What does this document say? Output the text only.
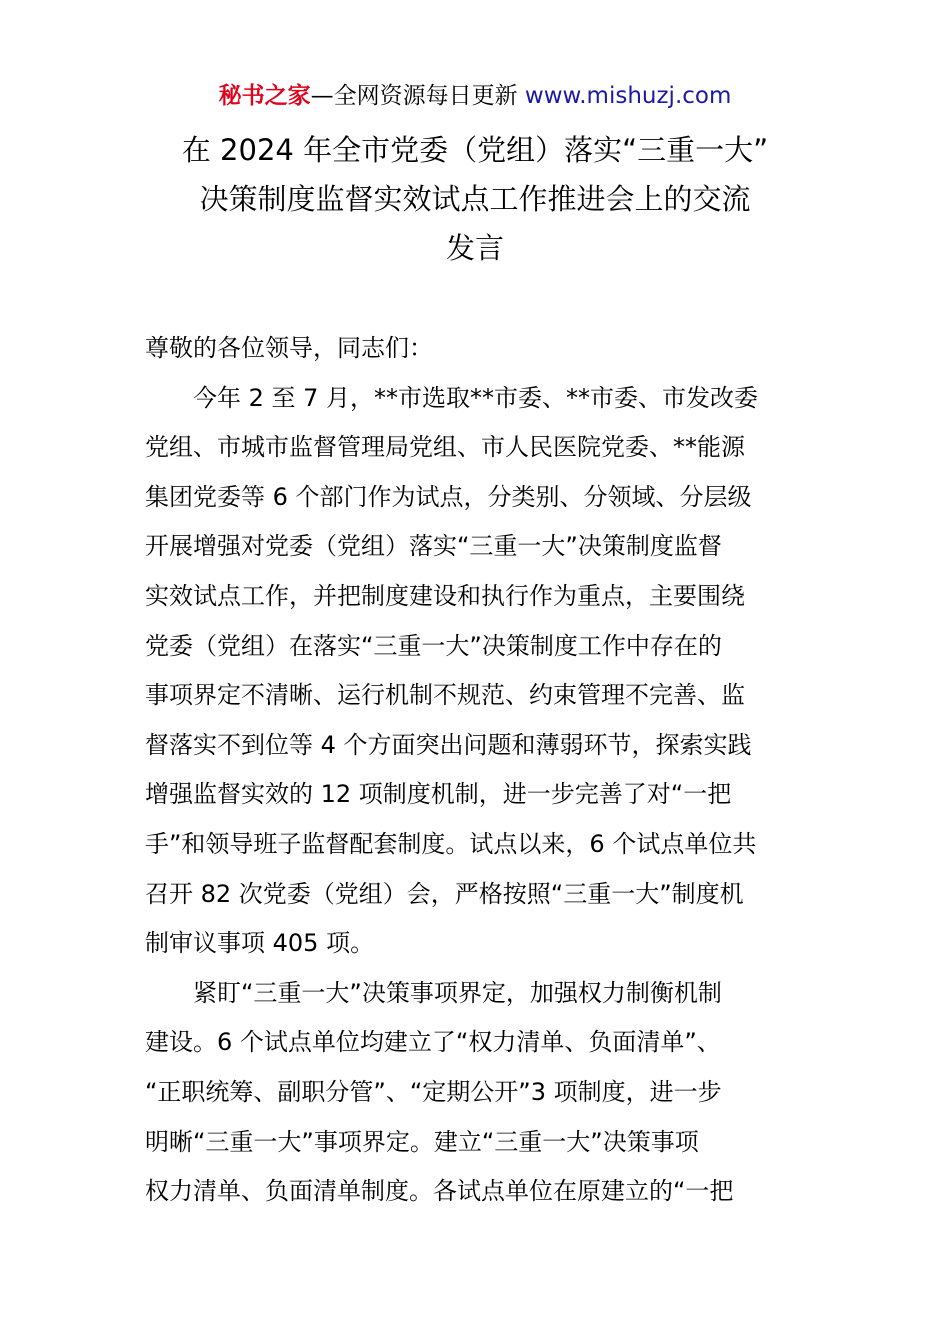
秘书之家—全网资源每日更新 www.mishuzj.com
在 2024 年全市党委（党组）落实“三重一大”
决策制度监督实效试点工作推进会上的交流
发言

尊敬的各位领导，同志们：

今年 2 至 7 月，**市选取**市委、**市委、市发改委
党组、市城市监督管理局党组、市人民医院党委、**能源
集团党委等 6 个部门作为试点，分类别、分领域、分层级
开展增强对党委（党组）落实“三重一大”决策制度监督
实效试点工作，并把制度建设和执行作为重点，主要围绕
党委（党组）在落实“三重一大”决策制度工作中存在的
事项界定不清晰、运行机制不规范、约束管理不完善、监
督落实不到位等 4 个方面突出问题和薄弱环节，探索实践
增强监督实效的 12 项制度机制，进一步完善了对“一把
手”和领导班子监督配套制度。试点以来，6 个试点单位共
召开 82 次党委（党组）会，严格按照“三重一大”制度机
制审议事项 405 项。

紧盯“三重一大”决策事项界定，加强权力制衡机制
建设。6 个试点单位均建立了“权力清单、负面清单”、
“正职统筹、副职分管”、“定期公开”3 项制度，进一步
明晰“三重一大”事项界定。建立“三重一大”决策事项
权力清单、负面清单制度。各试点单位在原建立的“一把
